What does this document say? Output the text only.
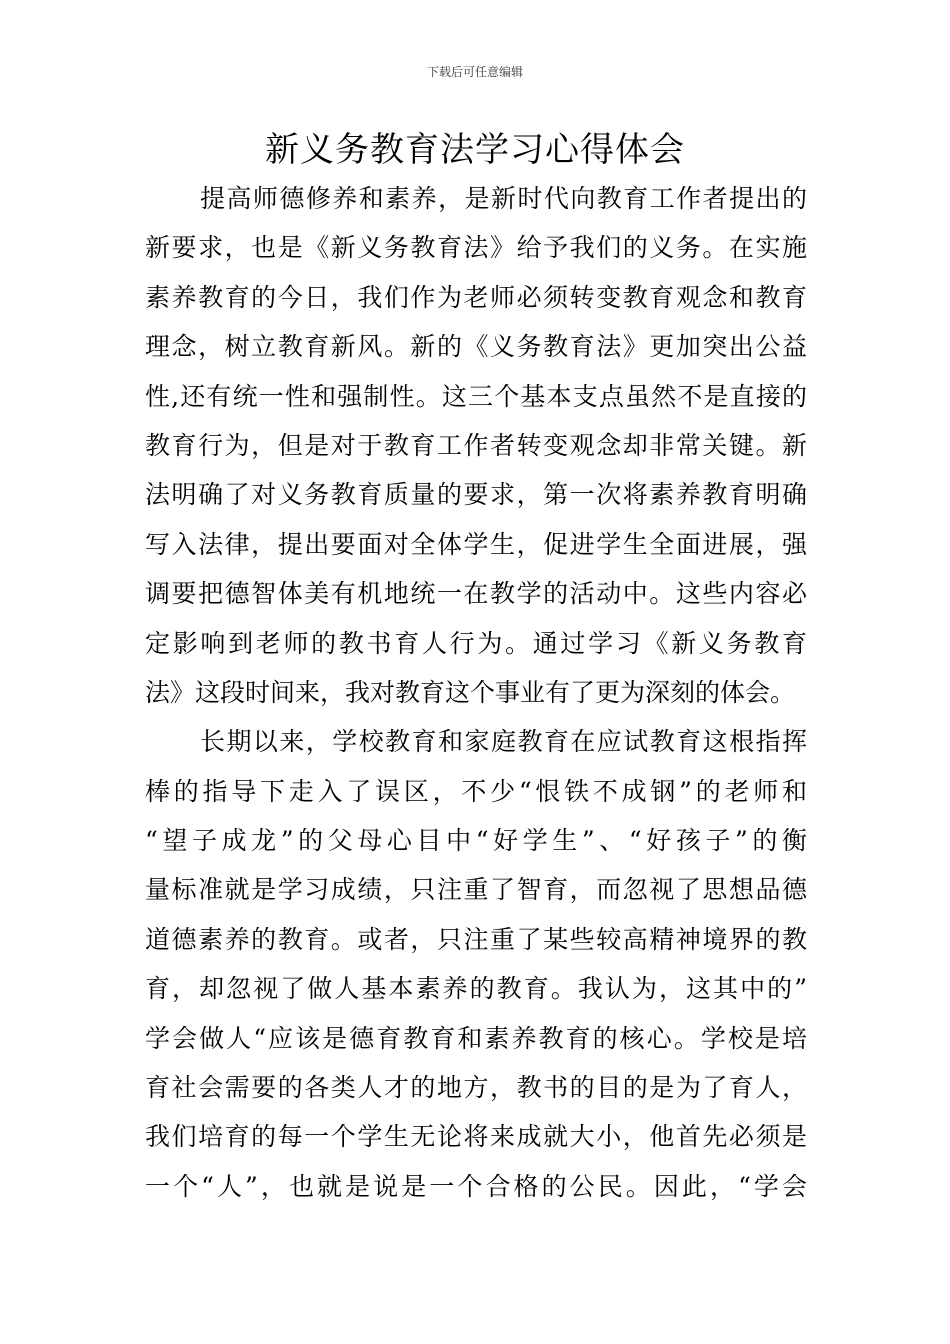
下载后可任意编辑
新义务教育法学习心得体会
提高师德修养和素养，是新时代向教育工作者提出的
新要求，也是《新义务教育法》给予我们的义务。在实施
素养教育的今日，我们作为老师必须转变教育观念和教育
理念，树立教育新风。新的《义务教育法》更加突出公益
性,还有统一性和强制性。这三个基本支点虽然不是直接的
教育行为，但是对于教育工作者转变观念却非常关键。新
法明确了对义务教育质量的要求，第一次将素养教育明确
写入法律，提出要面对全体学生，促进学生全面进展，强
调要把德智体美有机地统一在教学的活动中。这些内容必
定影响到老师的教书育人行为。通过学习《新义务教育
法》这段时间来，我对教育这个事业有了更为深刻的体会。
长期以来，学校教育和家庭教育在应试教育这根指挥
棒的指导下走入了误区，不少“恨铁不成钢”的老师和
“望子成龙”的父母心目中“好学生”、“好孩子”的衡
量标准就是学习成绩，只注重了智育，而忽视了思想品德
道德素养的教育。或者，只注重了某些较高精神境界的教
育，却忽视了做人基本素养的教育。我认为，这其中的”
学会做人“应该是德育教育和素养教育的核心。学校是培
育社会需要的各类人才的地方，教书的目的是为了育人，
我们培育的每一个学生无论将来成就大小，他首先必须是
一个“人”，也就是说是一个合格的公民。因此，“学会
